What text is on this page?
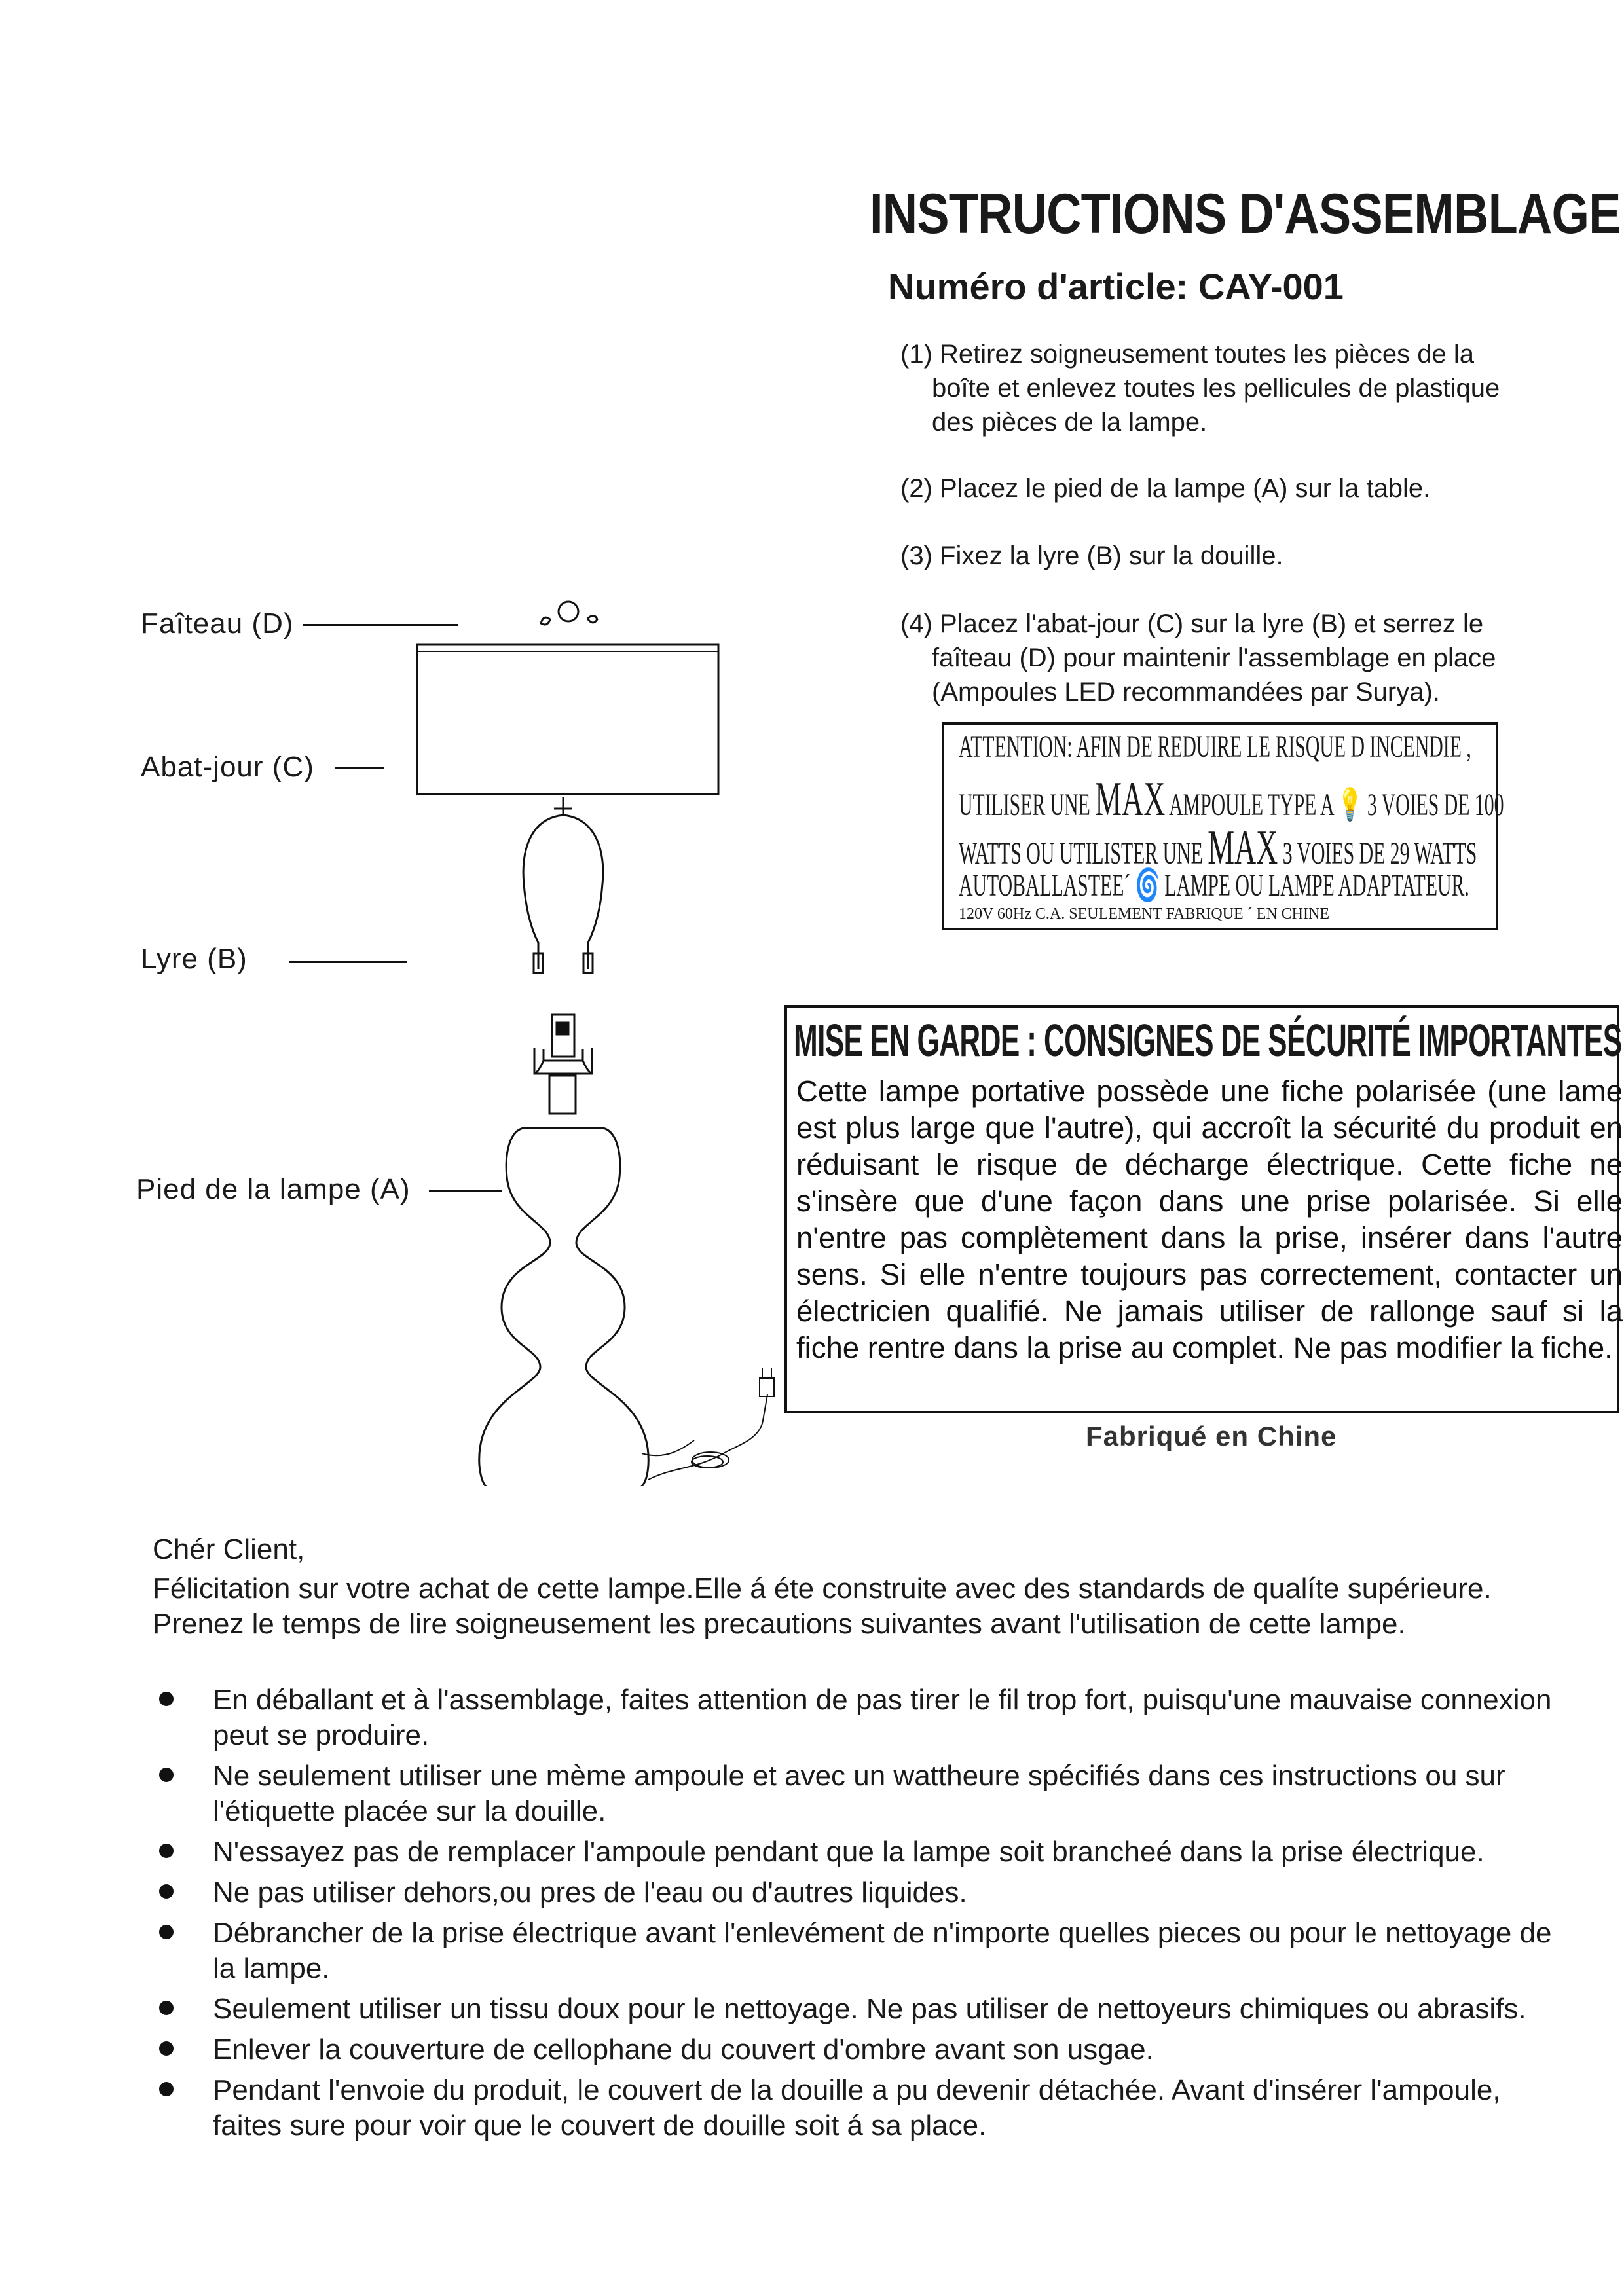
INSTRUCTIONS D'ASSEMBLAGE
Numéro d'article: CAY-001
(1) Retirez soigneusement toutes les pièces de la
boîte et enlevez toutes les pellicules de plastique
des pièces de la lampe.
(2) Placez le pied de la lampe (A) sur la table.
(3) Fixez la lyre (B) sur la douille.
(4) Placez l'abat-jour (C) sur la lyre (B) et serrez le
faîteau (D) pour maintenir l'assemblage en place
(Ampoules LED recommandées par Surya).
Faîteau (D)
Abat-jour (C)
Lyre (B)
Pied de la lampe (A)
ATTENTION: AFIN DE REDUIRE LE RISQUE D INCENDIE ,
UTILISER UNE MAX AMPOULE TYPE A 💡 3 VOIES DE 100
WATTS OU UTILISTER UNE MAX 3 VOIES DE 29 WATTS
AUTOBALLASTEE´ 🌀 LAMPE OU LAMPE ADAPTATEUR.
120V 60Hz C.A. SEULEMENT FABRIQUE ´ EN CHINE
MISE EN GARDE : CONSIGNES DE SÉCURITÉ IMPORTANTES
Cette lampe portative possède une fiche polarisée (une lame est plus large que l'autre), qui accroît la sécurité du produit en réduisant le risque de décharge électrique. Cette fiche ne s'insère que d'une façon dans une prise polarisée. Si elle n'entre pas complètement dans la prise, insérer dans l'autre sens. Si elle n'entre toujours pas correctement, contacter un électricien qualifié. Ne jamais utiliser de rallonge sauf si la fiche rentre dans la prise au complet. Ne pas modifier la fiche.
Fabriqué en Chine
Chér Client,
Félicitation sur votre achat de cette lampe.Elle á éte construite avec des standards de qualíte supérieure. Prenez le temps de lire soigneusement les precautions suivantes avant l'utilisation de cette lampe.
En déballant et à l'assemblage, faites attention de pas tirer le fil trop fort, puisqu'une mauvaise connexion peut se produire.
Ne seulement utiliser une mème ampoule et avec un wattheure spécifiés dans ces instructions ou sur l'étiquette placée sur la douille.
N'essayez pas de remplacer l'ampoule pendant que la lampe soit brancheé dans la prise électrique.
Ne pas utiliser dehors,ou pres de l'eau ou d'autres liquides.
Débrancher de la prise électrique avant l'enlevément de n'importe quelles pieces ou pour le nettoyage de la lampe.
Seulement utiliser un tissu doux pour le nettoyage. Ne pas utiliser de nettoyeurs chimiques ou abrasifs.
Enlever la couverture de cellophane du couvert d'ombre avant son usgae.
Pendant l'envoie du produit, le couvert de la douille a pu devenir détachée. Avant d'insérer l'ampoule, faites sure pour voir que le couvert de douille soit á sa place.
